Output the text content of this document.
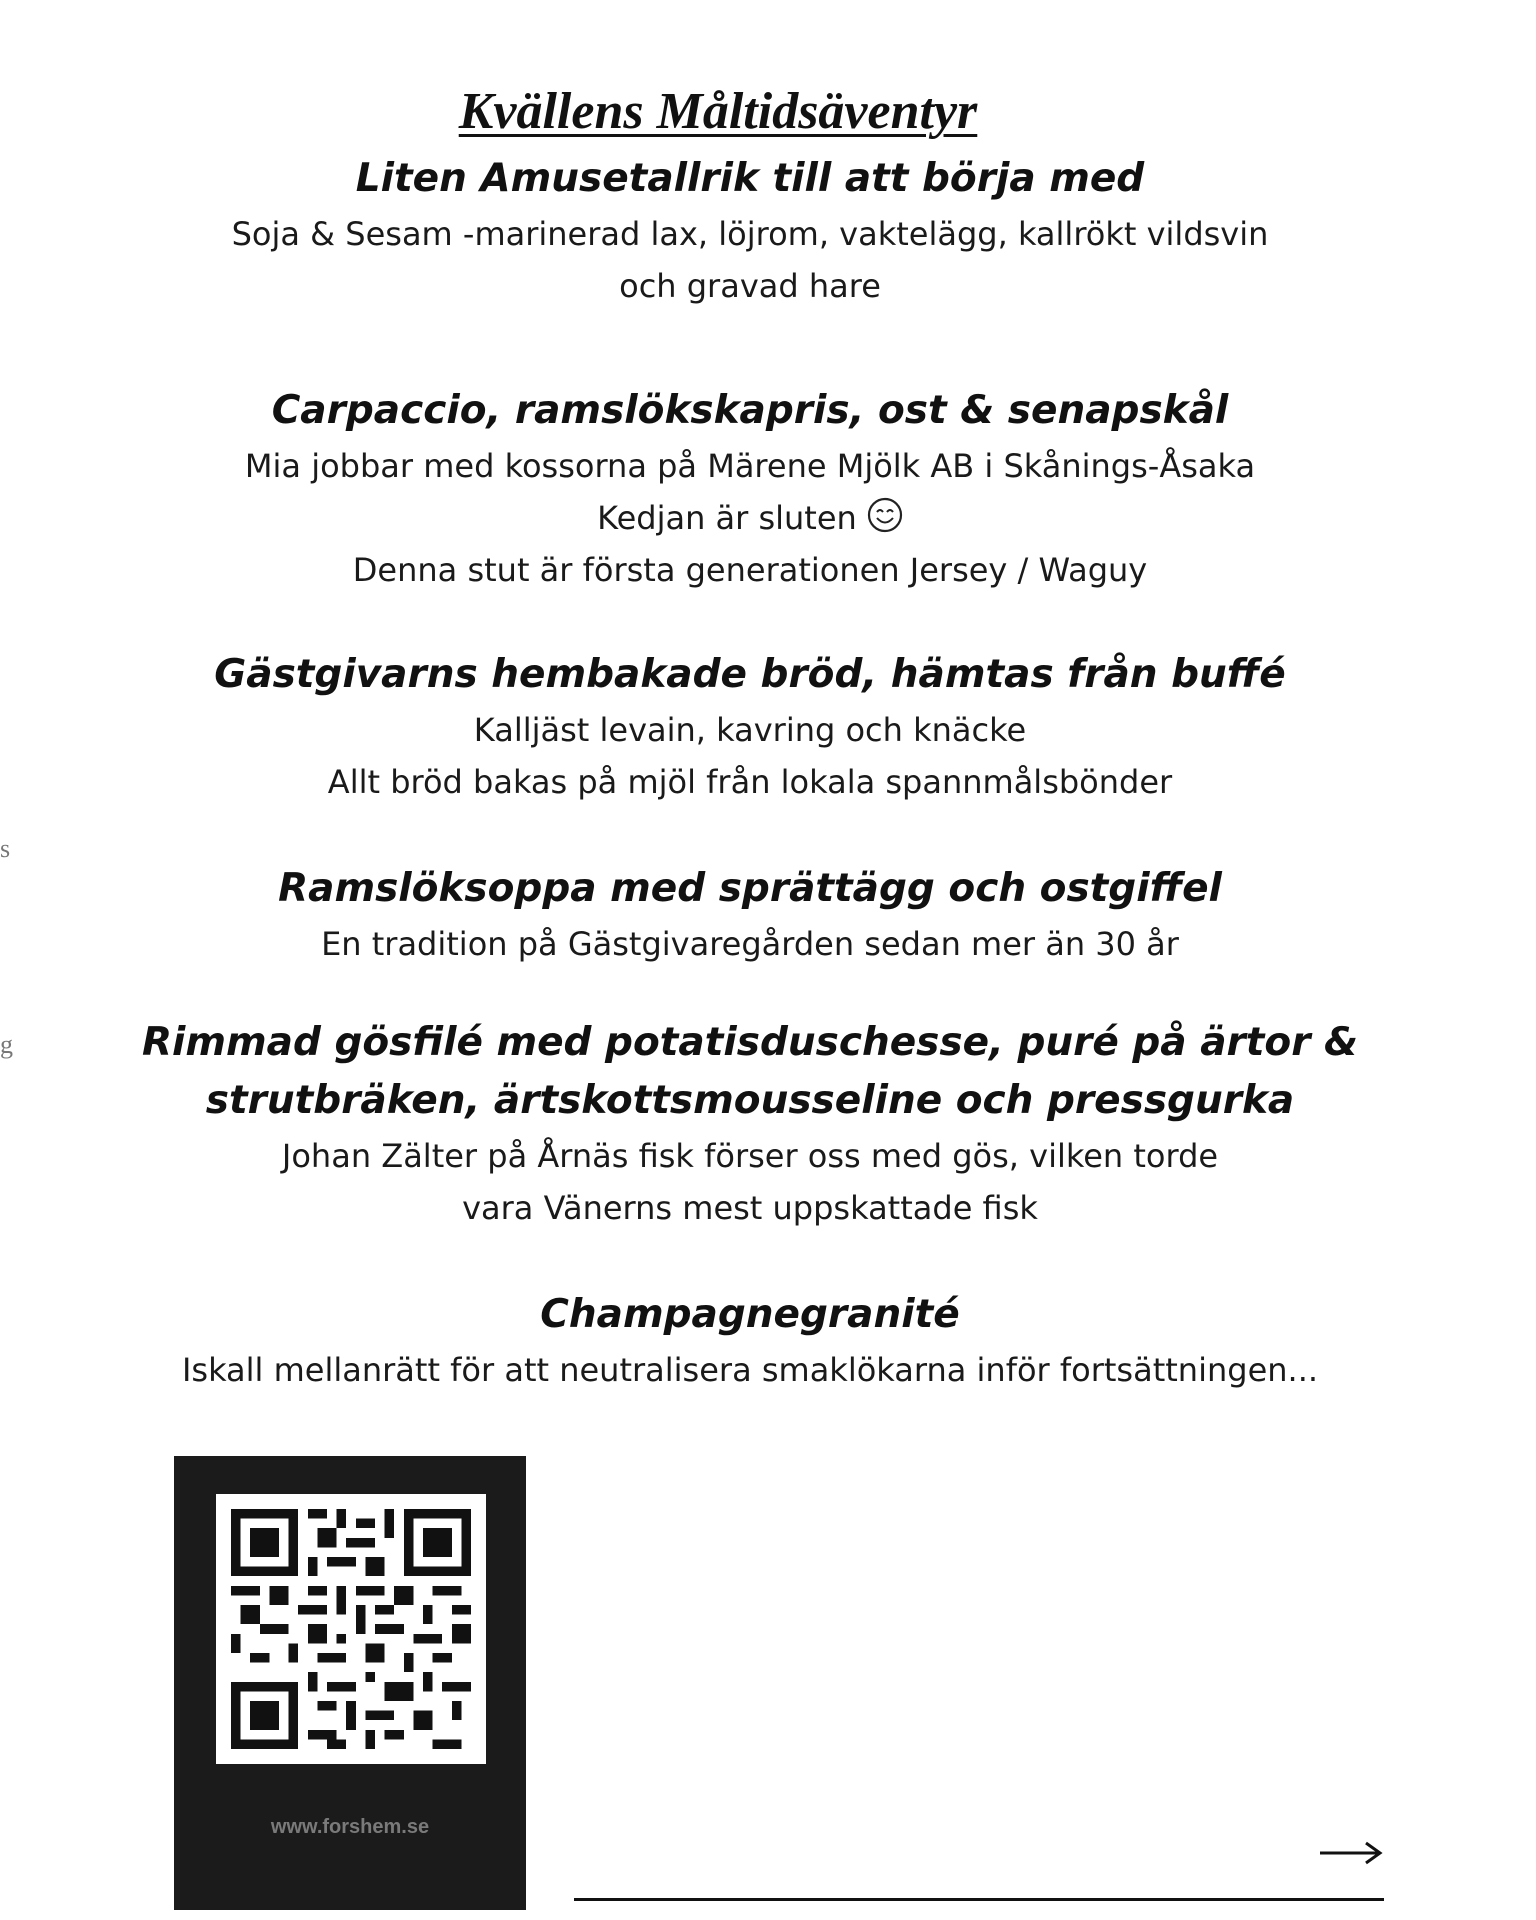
s
g
Kvällens Måltidsäventyr
Liten Amusetallrik till att börja med
Soja & Sesam -marinerad lax, löjrom, vaktelägg, kallrökt vildsvin
och gravad hare
Carpaccio, ramslökskapris, ost & senapskål
Mia jobbar med kossorna på Märene Mjölk AB i Skånings-Åsaka
Kedjan är sluten
Denna stut är första generationen Jersey / Waguy
Gästgivarns hembakade bröd, hämtas från buffé
Kalljäst levain, kavring och knäcke
Allt bröd bakas på mjöl från lokala spannmålsbönder
Ramslöksoppa med sprättägg och ostgiffel
En tradition på Gästgivaregården sedan mer än 30 år
Rimmad gösfilé med potatisduschesse, puré på ärtor &
strutbräken, ärtskottsmousseline och pressgurka
Johan Zälter på Årnäs fisk förser oss med gös, vilken torde
vara Vänerns mest uppskattade fisk
Champagnegranité
Iskall mellanrätt för att neutralisera smaklökarna inför fortsättningen...
www.forshem.se
